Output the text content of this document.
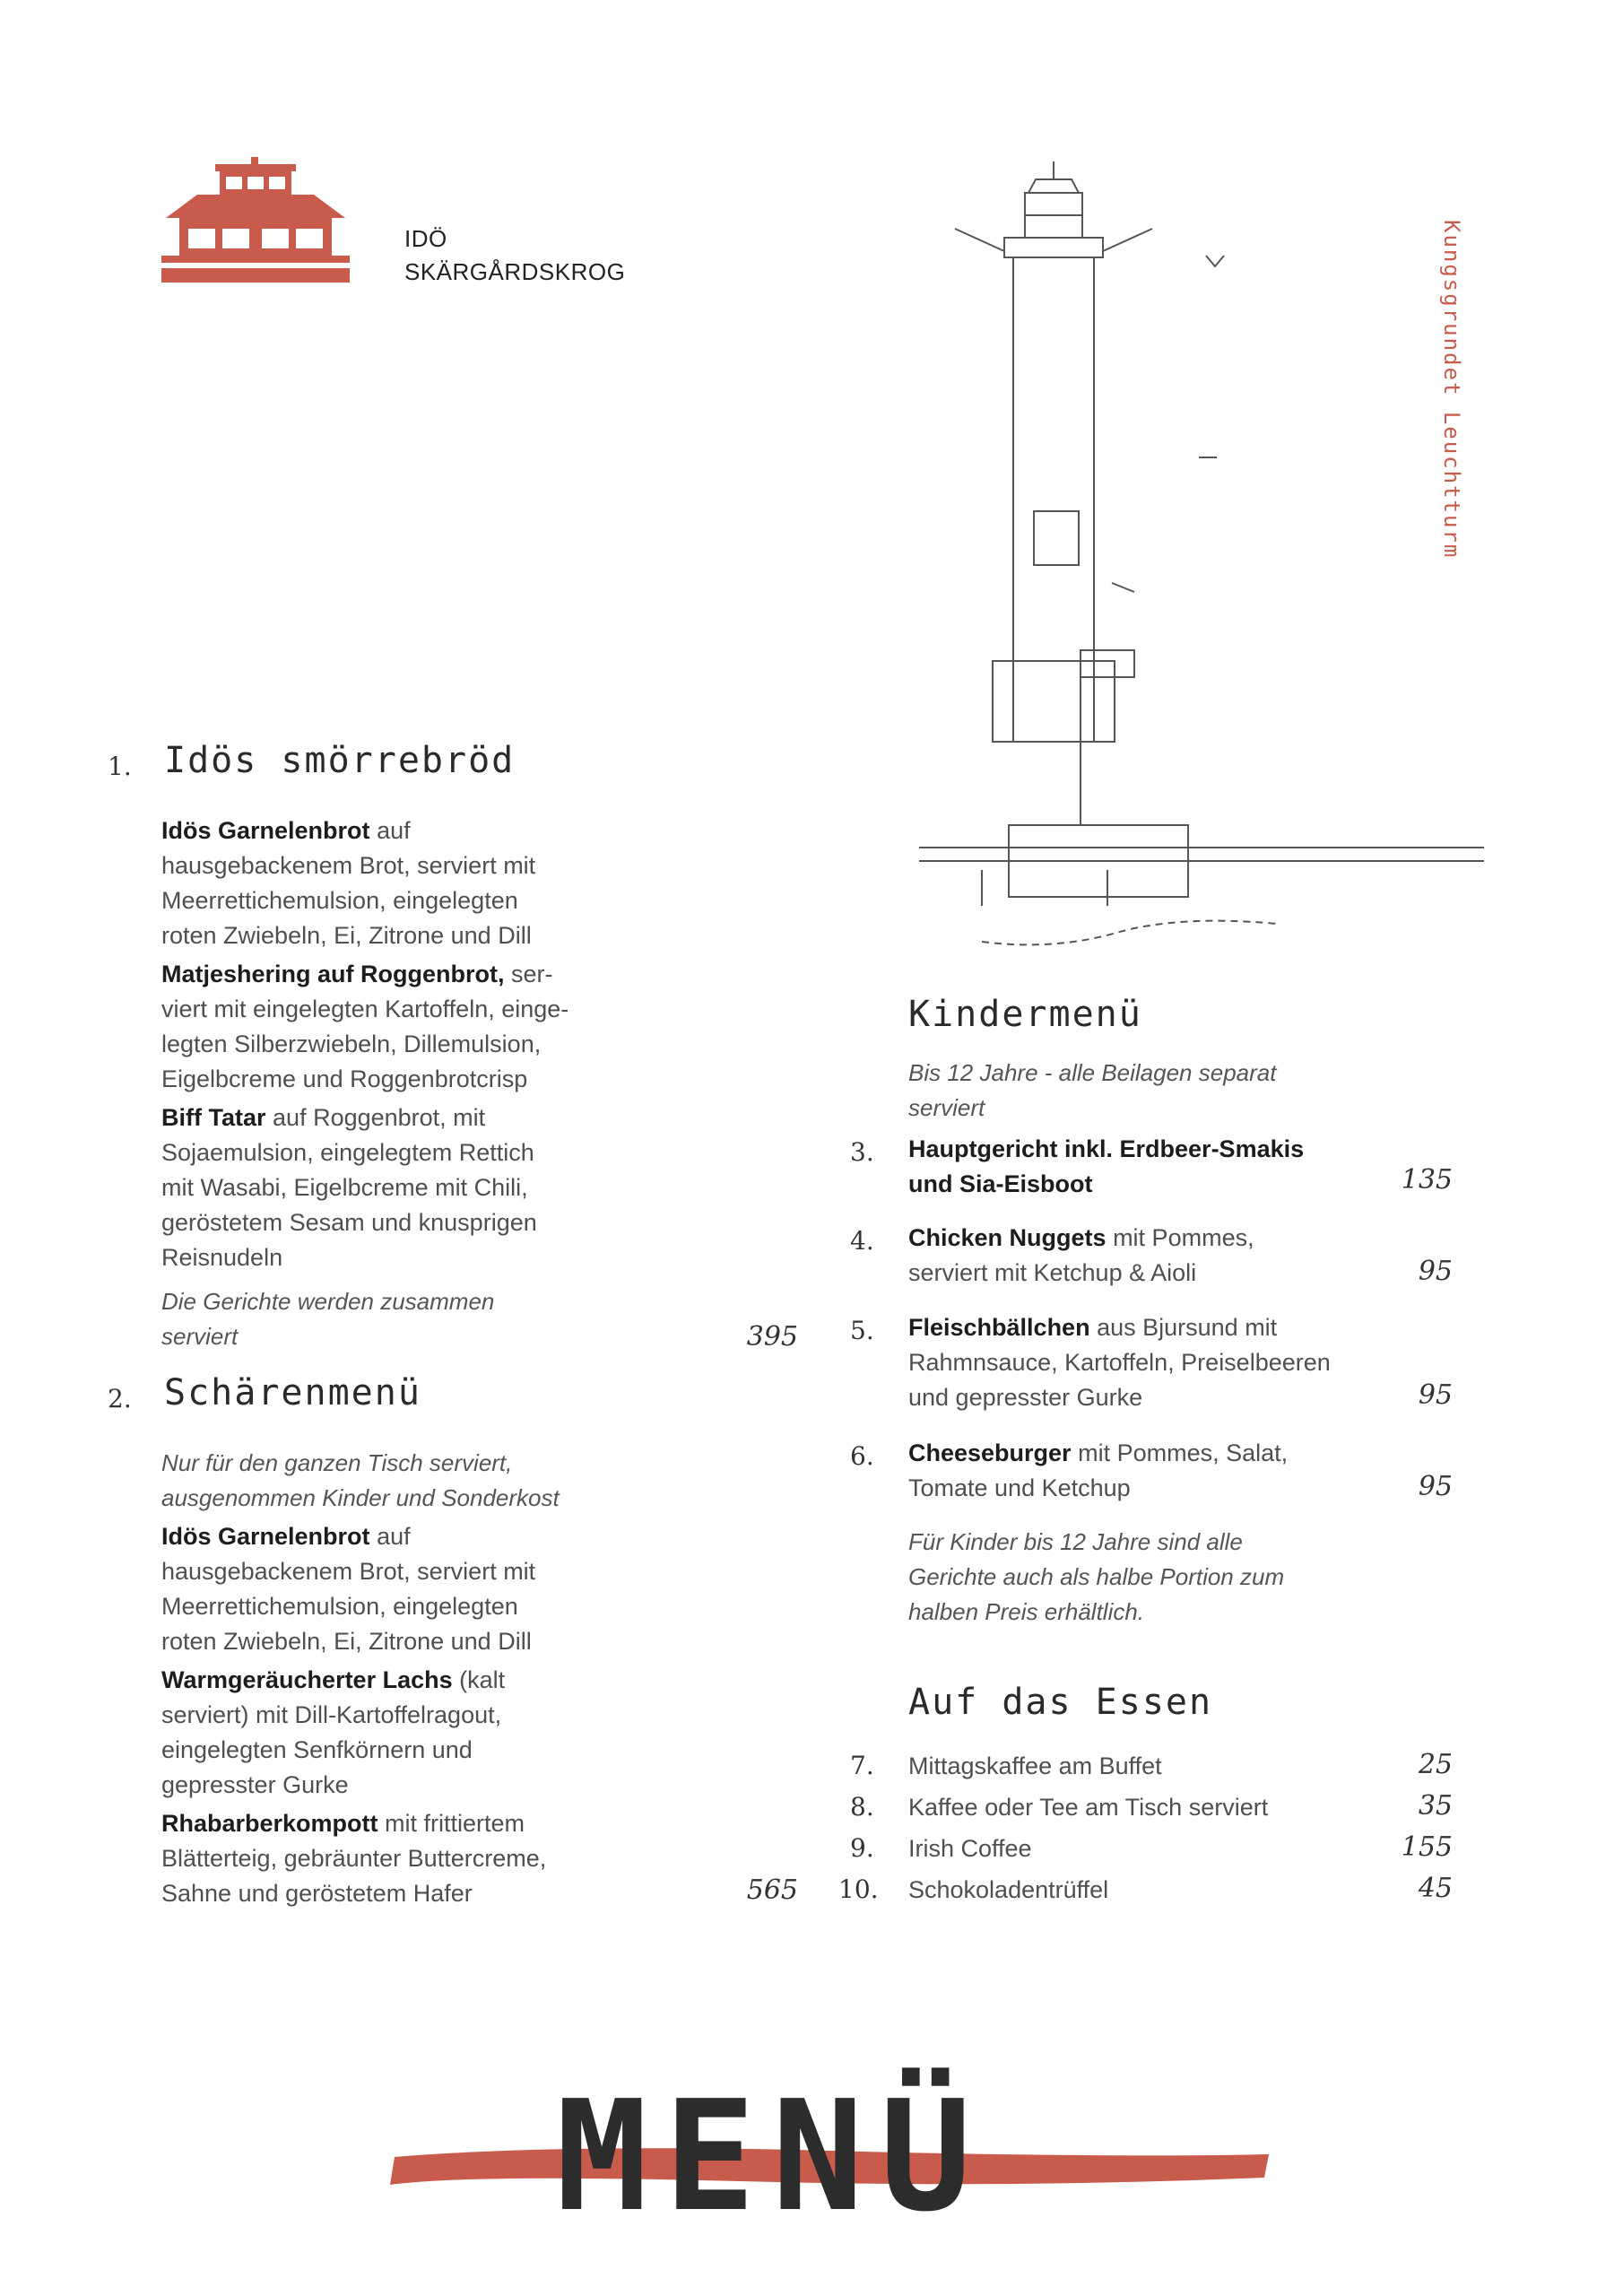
IDÖ
SKÄRGÅRDSKROG	Kungsgrundet Leuchtturm
1. Idös smörrebröd
Idös Garnelenbrot auf
hausgebackenem Brot, serviert mit
Meerrettichemulsion, eingelegten
roten Zwiebeln, Ei, Zitrone und Dill
Matjeshering auf Roggenbrot, ser-
viert mit eingelegten Kartoffeln, einge-
legten Silberzwiebeln, Dillemulsion,
Eigelbcreme und Roggenbrotcrisp
Biff Tatar auf Roggenbrot, mit
Sojaemulsion, eingelegtem Rettich
mit Wasabi, Eigelbcreme mit Chili,
geröstetem Sesam und knusprigen
Reisnudeln
Die Gerichte werden zusammen
serviert	395
2. Schärenmenü
Nur für den ganzen Tisch serviert,
ausgenommen Kinder und Sonderkost
Idös Garnelenbrot auf
hausgebackenem Brot, serviert mit
Meerrettichemulsion, eingelegten
roten Zwiebeln, Ei, Zitrone und Dill
Warmgeräucherter Lachs (kalt
serviert) mit Dill-Kartoffelragout,
eingelegten Senfkörnern und
gepresster Gurke
Rhabarberkompott mit frittiertem
Blätterteig, gebräunter Buttercreme,
Sahne und geröstetem Hafer	565
Kindermenü
Bis 12 Jahre - alle Beilagen separat
serviert
3. Hauptgericht inkl. Erdbeer-Smakis
und Sia-Eisboot	135
4. Chicken Nuggets mit Pommes,
serviert mit Ketchup & Aioli	95
5. Fleischbällchen aus Bjursund mit
Rahmnsauce, Kartoffeln, Preiselbeeren
und gepresster Gurke	95
6. Cheeseburger mit Pommes, Salat,
Tomate und Ketchup	95
Für Kinder bis 12 Jahre sind alle
Gerichte auch als halbe Portion zum
halben Preis erhältlich.
Auf das Essen
7. Mittagskaffee am Buffet	25
8. Kaffee oder Tee am Tisch serviert	35
9. Irish Coffee	155
10. Schokoladentrüffel	45
MENÜ
